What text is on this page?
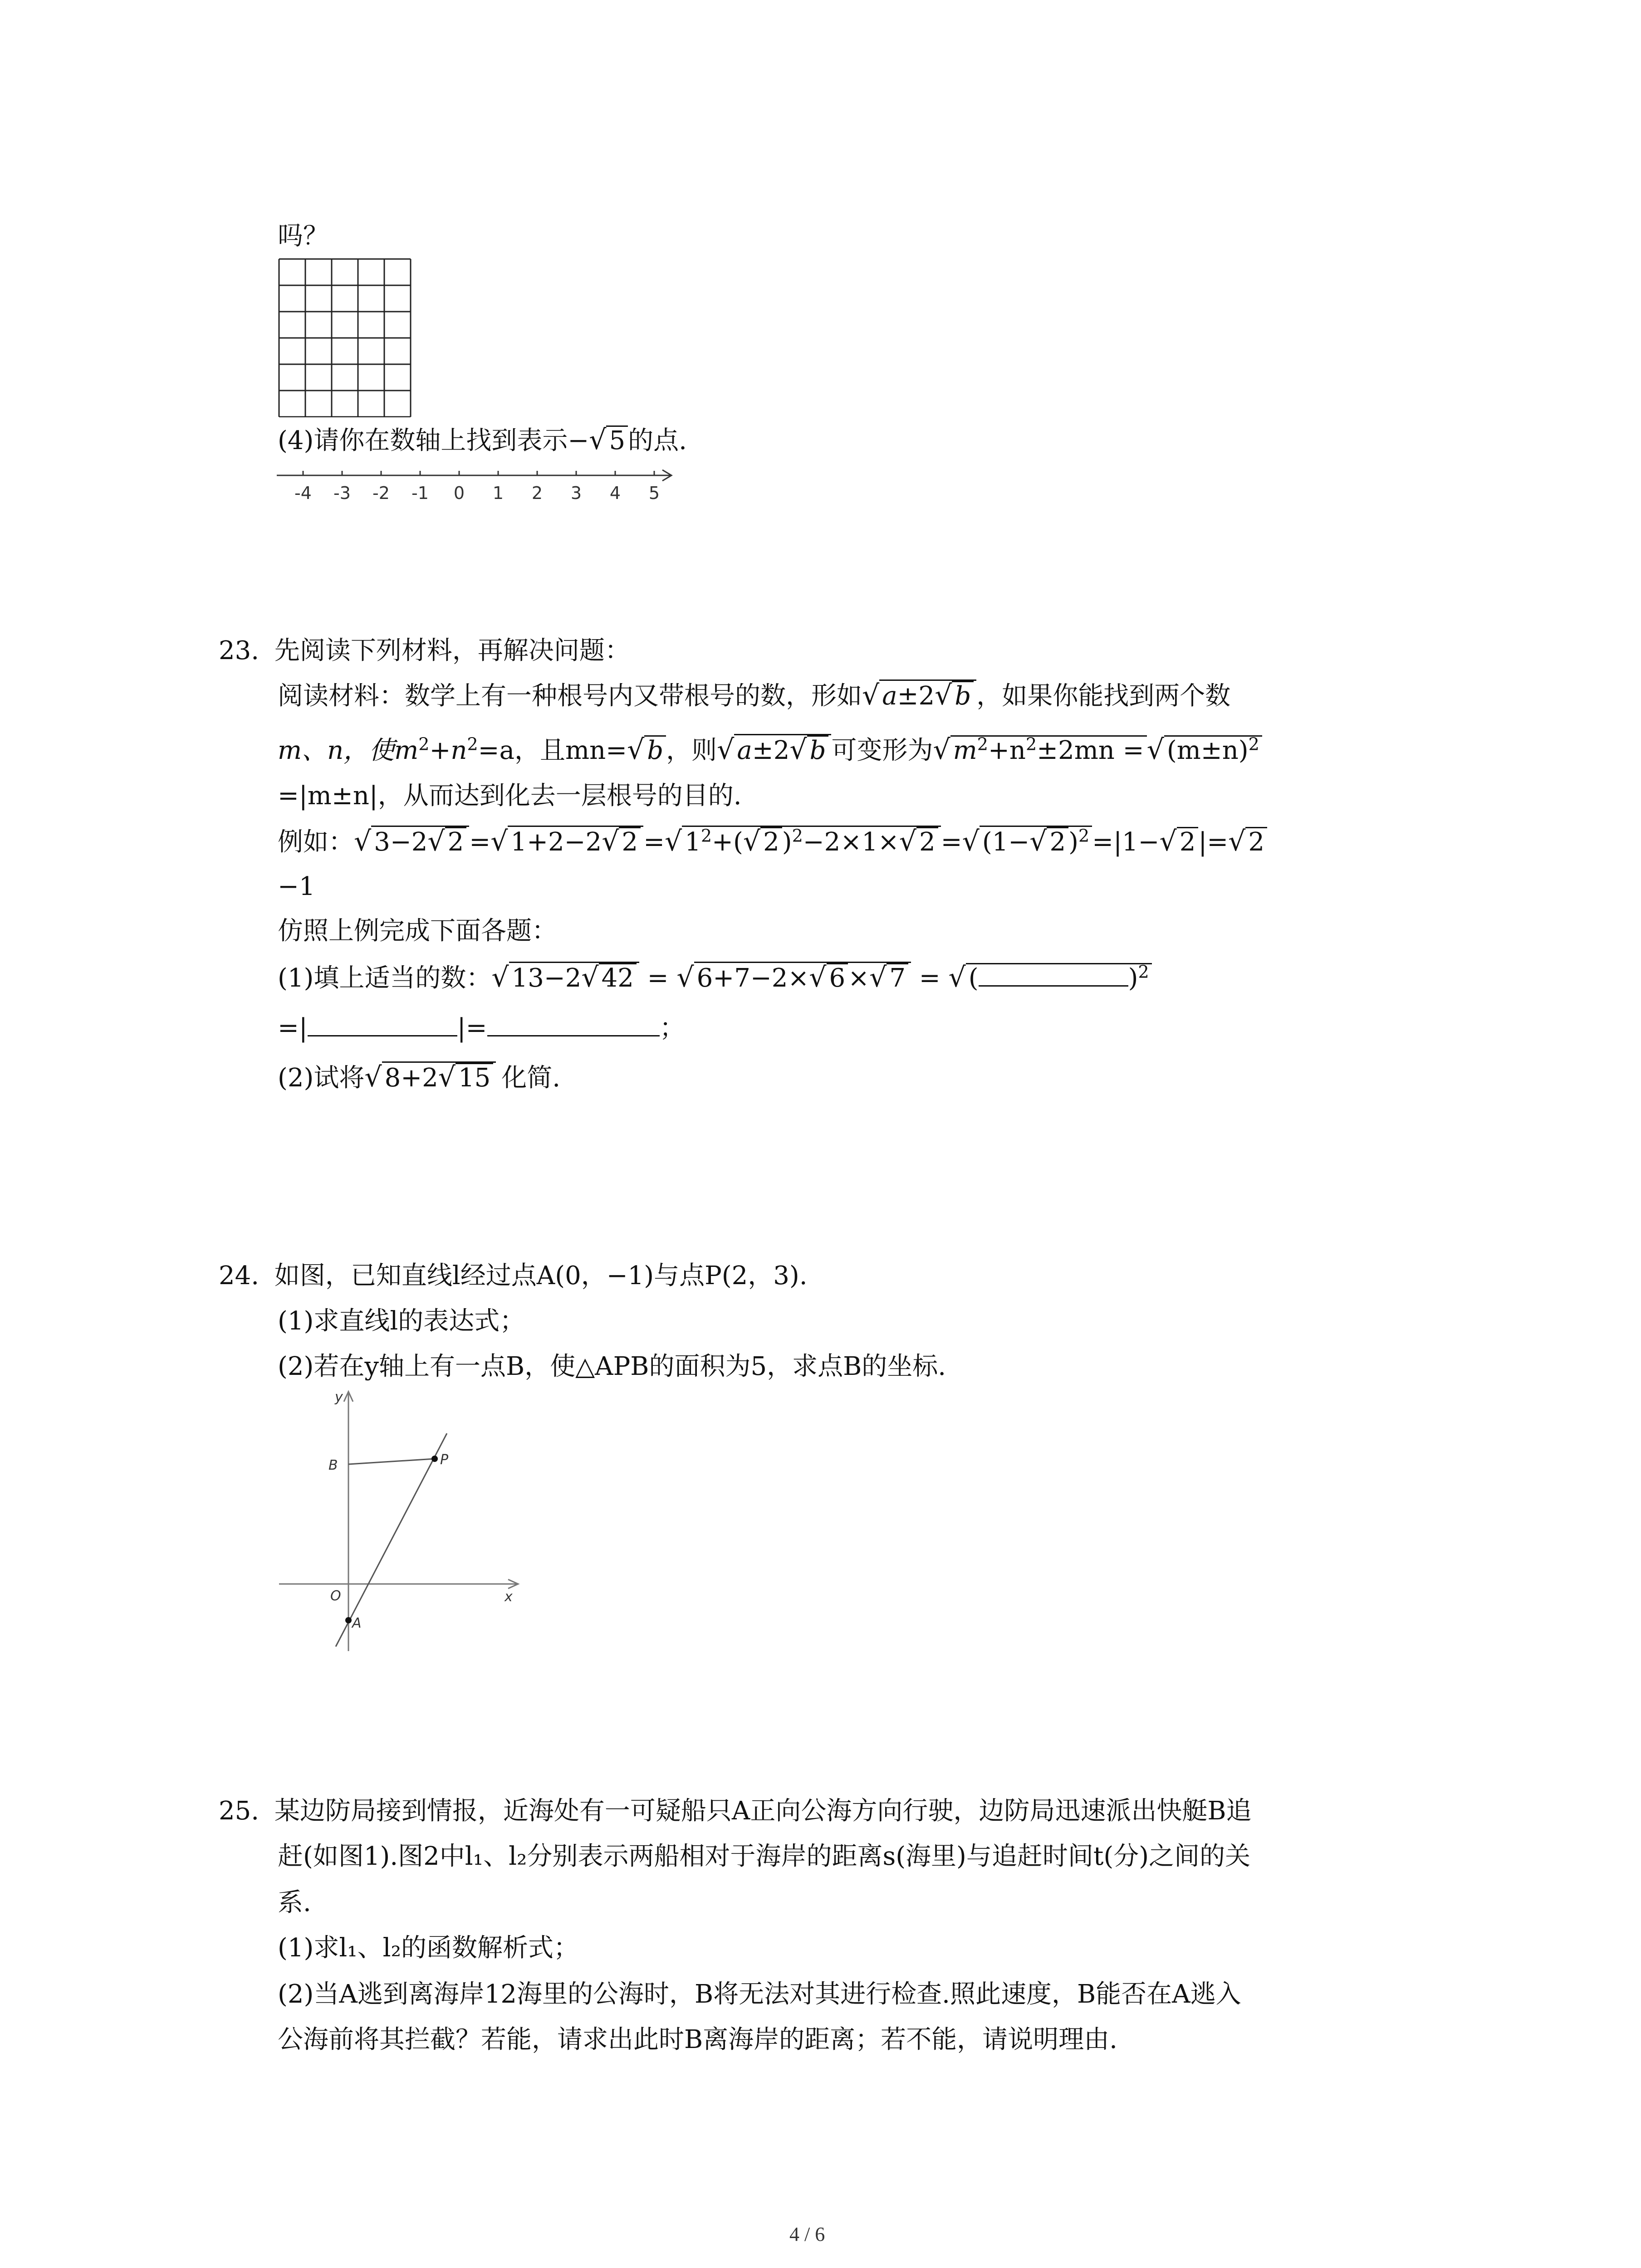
吗？
(4)请你在数轴上找到表示−√ 5 的点.
-4 -3 -2 -1 0 1 2 3 4 5
23. 先阅读下列材料，再解决问题：
阅读材料：数学上有一种根号内又带根号的数，形如√ a±2√ b ，如果你能找到两个数
m、n，使$m^2+n^2=a$，且mn=√ b ，则√ a±2√ b 可变形为√ $m^2+n^2\pm 2mn$ = √ $(m\pm n)^2$
=|m±n|，从而达到化去一层根号的目的.
例如：√ 3−2√ 2 =√ 1+2−2√ 2 =√ $1^2+(√$ 2 )$^2$−2×1×√ 2 =√ (1−√ 2 )$^2$ =|1−√ 2 |=√ 2
−1
仿照上例完成下面各题：
(1)填上适当的数：√ 13−2√ 42 = √ 6+7−2×√ 6 ×√ 7 = √ (	)$^2$
=|	|=	；
(2)试将√ 8+2√ 15 化简.
24. 如图，已知直线l经过点A(0，−1)与点P(2，3).
(1)求直线l的表达式；
(2)若在y轴上有一点B，使△APB的面积为5，求点B的坐标.
y
x
O
A
B	P
25. 某边防局接到情报，近海处有一可疑船只A正向公海方向行驶，边防局迅速派出快艇B追
赶(如图1).图2中l₁、l₂分别表示两船相对于海岸的距离s(海里)与追赶时间t(分)之间的关
系.
(1)求l₁、l₂的函数解析式；
(2)当A逃到离海岸12海里的公海时，B将无法对其进行检查.照此速度，B能否在A逃入
公海前将其拦截？若能，请求出此时B离海岸的距离；若不能，请说明理由.
4 / 6
